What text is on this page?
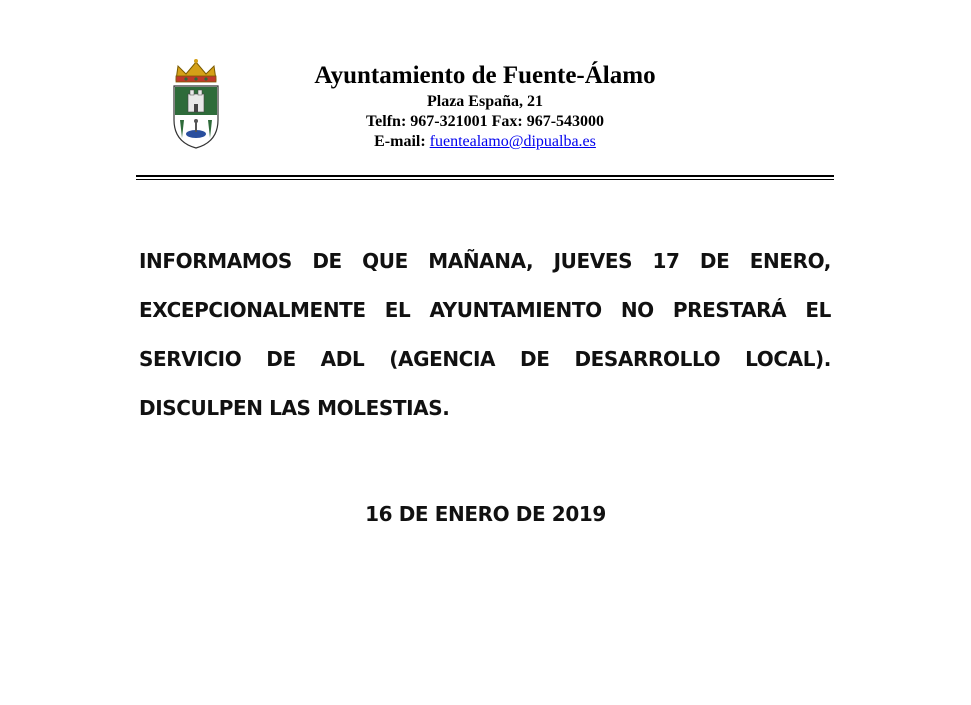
Ayuntamiento de Fuente-Álamo
Plaza España, 21
Telfn: 967-321001 Fax: 967-543000
E-mail: fuentealamo@dipualba.es
INFORMAMOS DE QUE MAÑANA, JUEVES 17 DE ENERO,
EXCEPCIONALMENTE EL AYUNTAMIENTO NO PRESTARÁ EL
SERVICIO DE ADL (AGENCIA DE DESARROLLO LOCAL).
DISCULPEN LAS MOLESTIAS.
16 DE ENERO DE 2019
